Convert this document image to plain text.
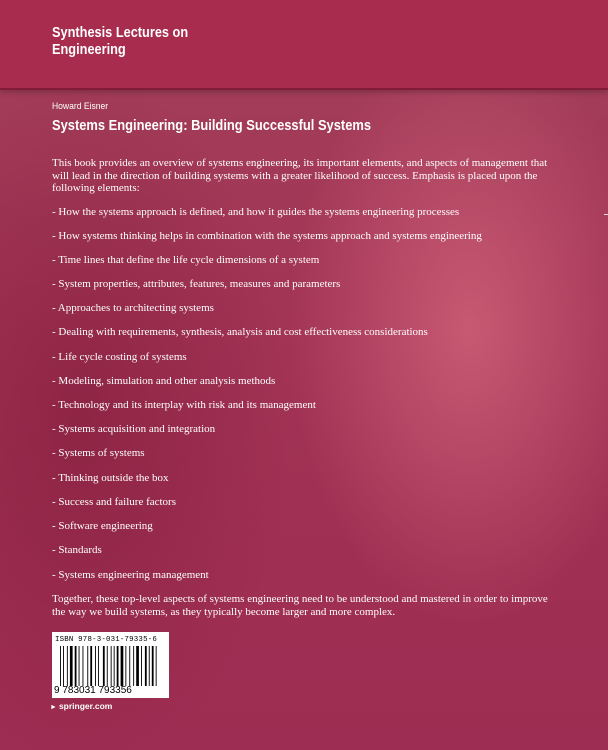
Synthesis Lectures on
Engineering
Howard Eisner
Systems Engineering: Building Successful Systems

This book provides an overview of systems engineering, its important elements, and aspects of management that will lead in the direction of building systems with a greater likelihood of success. Emphasis is placed upon the following elements:

- How the systems approach is defined, and how it guides the systems engineering processes
- How systems thinking helps in combination with the systems approach and systems engineering
- Time lines that define the life cycle dimensions of a system
- System properties, attributes, features, measures and parameters
- Approaches to architecting systems
- Dealing with requirements, synthesis, analysis and cost effectiveness considerations
- Life cycle costing of systems
- Modeling, simulation and other analysis methods
- Technology and its interplay with risk and its management
- Systems acquisition and integration
- Systems of systems
- Thinking outside the box
- Success and failure factors
- Software engineering
- Standards
- Systems engineering management

Together, these top-level aspects of systems engineering need to be understood and mastered in order to improve the way we build systems, as they typically become larger and more complex.

ISBN 978-3-031-79335-6
9 783031 793356
► springer.com
